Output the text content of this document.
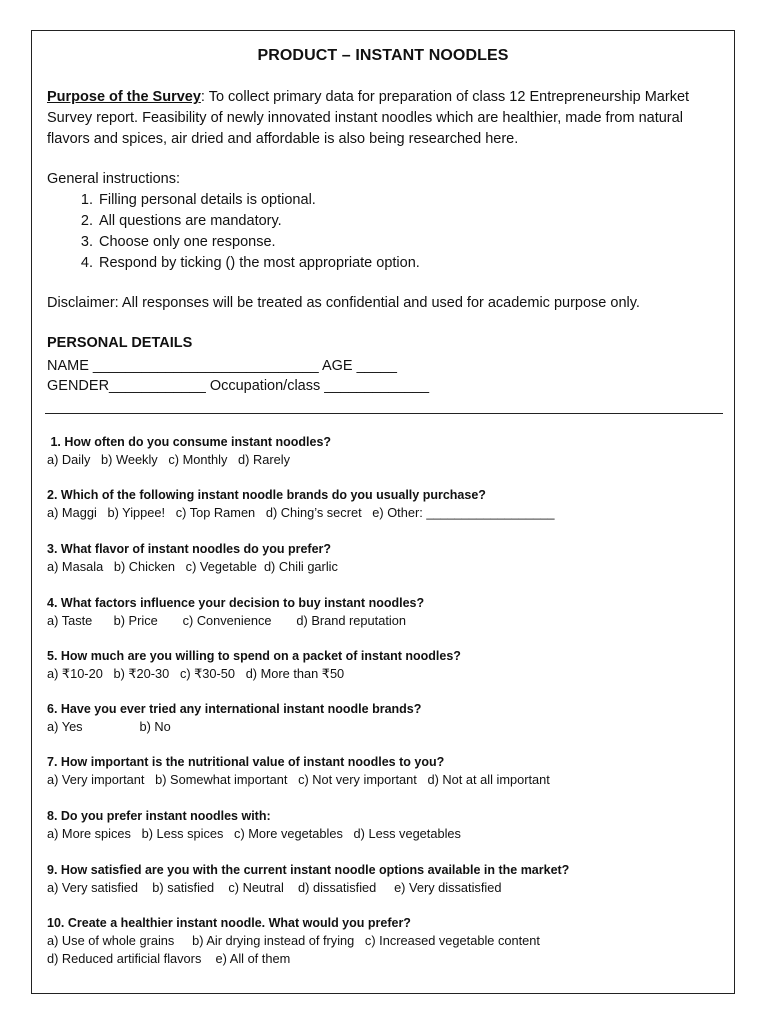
PRODUCT – INSTANT NOODLES
Purpose of the Survey: To collect primary data for preparation of class 12 Entrepreneurship Market Survey report. Feasibility of newly innovated instant noodles which are healthier, made from natural flavors and spices, air dried and affordable is also being researched here.
General instructions:
1. Filling personal details is optional.
2. All questions are mandatory.
3. Choose only one response.
4. Respond by ticking () the most appropriate option.
Disclaimer: All responses will be treated as confidential and used for academic purpose only.
PERSONAL DETAILS
NAME ____________________________ AGE _____
GENDER____________ Occupation/class _____________
1. How often do you consume instant noodles?
a) Daily   b) Weekly   c) Monthly   d) Rarely
2. Which of the following instant noodle brands do you usually purchase?
a) Maggi   b) Yippee!   c) Top Ramen   d) Ching’s secret   e) Other: __________________
3. What flavor of instant noodles do you prefer?
a) Masala   b) Chicken   c) Vegetable  d) Chili garlic
4. What factors influence your decision to buy instant noodles?
a) Taste      b) Price       c) Convenience       d) Brand reputation
5. How much are you willing to spend on a packet of instant noodles?
a) ₹10-20   b) ₹20-30   c) ₹30-50   d) More than ₹50
6. Have you ever tried any international instant noodle brands?
a) Yes                b) No
7. How important is the nutritional value of instant noodles to you?
a) Very important   b) Somewhat important   c) Not very important   d) Not at all important
8. Do you prefer instant noodles with:
a) More spices   b) Less spices   c) More vegetables   d) Less vegetables
9. How satisfied are you with the current instant noodle options available in the market?
a) Very satisfied    b) satisfied    c) Neutral    d) dissatisfied     e) Very dissatisfied
10. Create a healthier instant noodle. What would you prefer?
a) Use of whole grains     b) Air drying instead of frying   c) Increased vegetable content
d) Reduced artificial flavors    e) All of them
